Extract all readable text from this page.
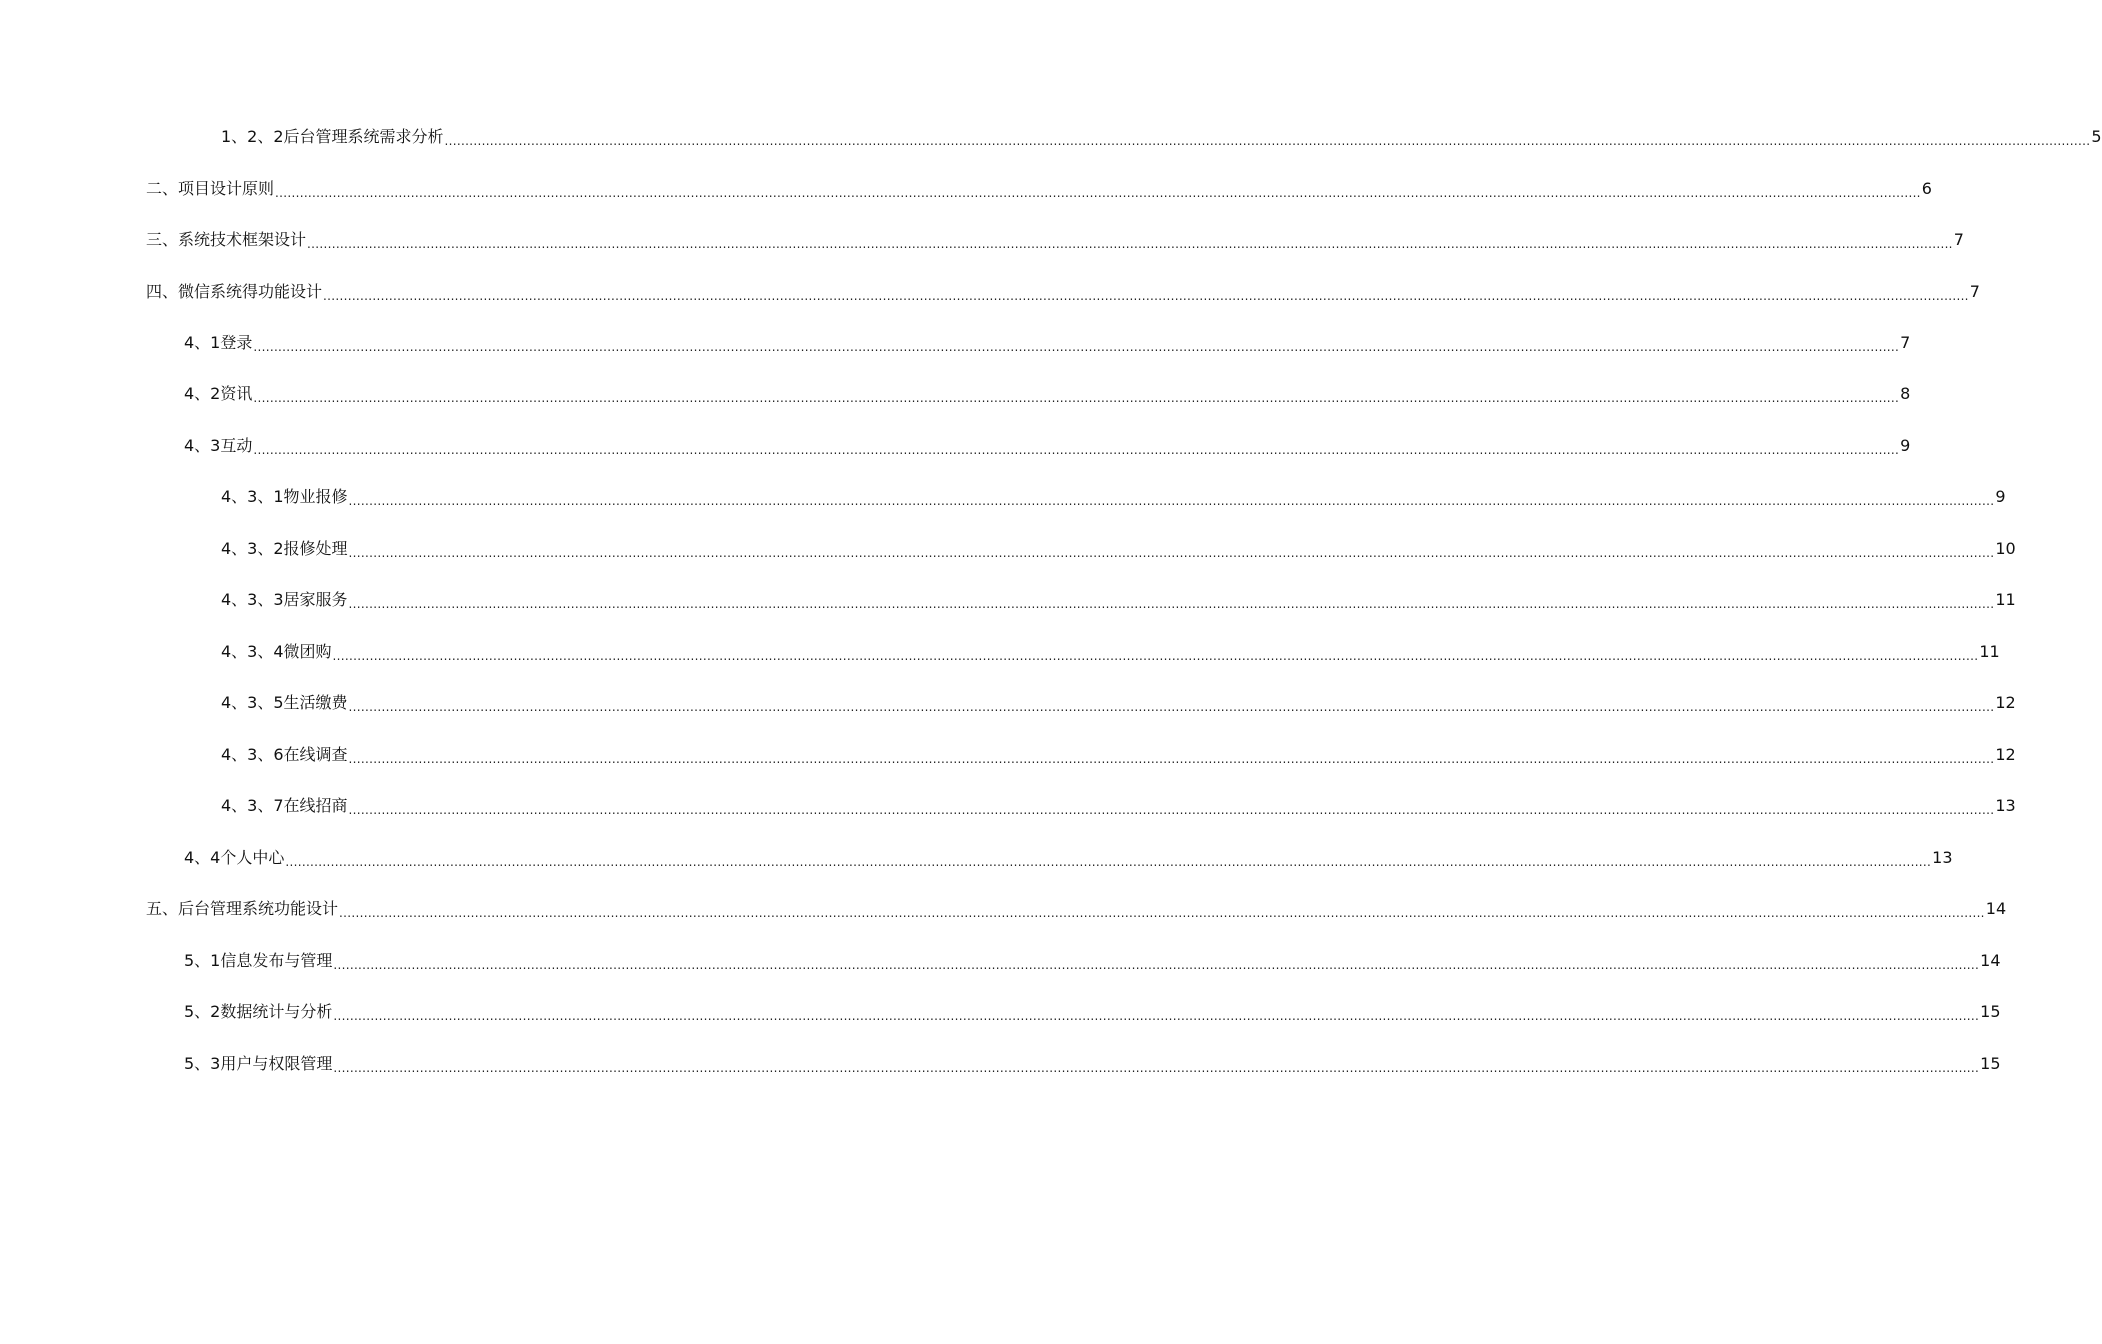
1、2、2后台管理系统需求分析 ................................................................................................................................................................................................................................................................................................................................................................................................................ 5
二、项目设计原则 ................................................................................................................................................................................................................................................................................................................................................................................................................ 6
三、系统技术框架设计 ................................................................................................................................................................................................................................................................................................................................................................................................................ 7
四、微信系统得功能设计 ................................................................................................................................................................................................................................................................................................................................................................................................................ 7
4、1登录 ................................................................................................................................................................................................................................................................................................................................................................................................................ 7
4、2资讯 ................................................................................................................................................................................................................................................................................................................................................................................................................ 8
4、3互动 ................................................................................................................................................................................................................................................................................................................................................................................................................ 9
4、3、1物业报修 ................................................................................................................................................................................................................................................................................................................................................................................................................ 9
4、3、2报修处理 ................................................................................................................................................................................................................................................................................................................................................................................................................ 10
4、3、3居家服务 ................................................................................................................................................................................................................................................................................................................................................................................................................ 11
4、3、4微团购 ................................................................................................................................................................................................................................................................................................................................................................................................................ 11
4、3、5生活缴费 ................................................................................................................................................................................................................................................................................................................................................................................................................ 12
4、3、6在线调查 ................................................................................................................................................................................................................................................................................................................................................................................................................ 12
4、3、7在线招商 ................................................................................................................................................................................................................................................................................................................................................................................................................ 13
4、4个人中心 ................................................................................................................................................................................................................................................................................................................................................................................................................ 13
五、后台管理系统功能设计 ................................................................................................................................................................................................................................................................................................................................................................................................................ 14
5、1信息发布与管理 ................................................................................................................................................................................................................................................................................................................................................................................................................ 14
5、2数据统计与分析 ................................................................................................................................................................................................................................................................................................................................................................................................................ 15
5、3用户与权限管理 ................................................................................................................................................................................................................................................................................................................................................................................................................ 15
